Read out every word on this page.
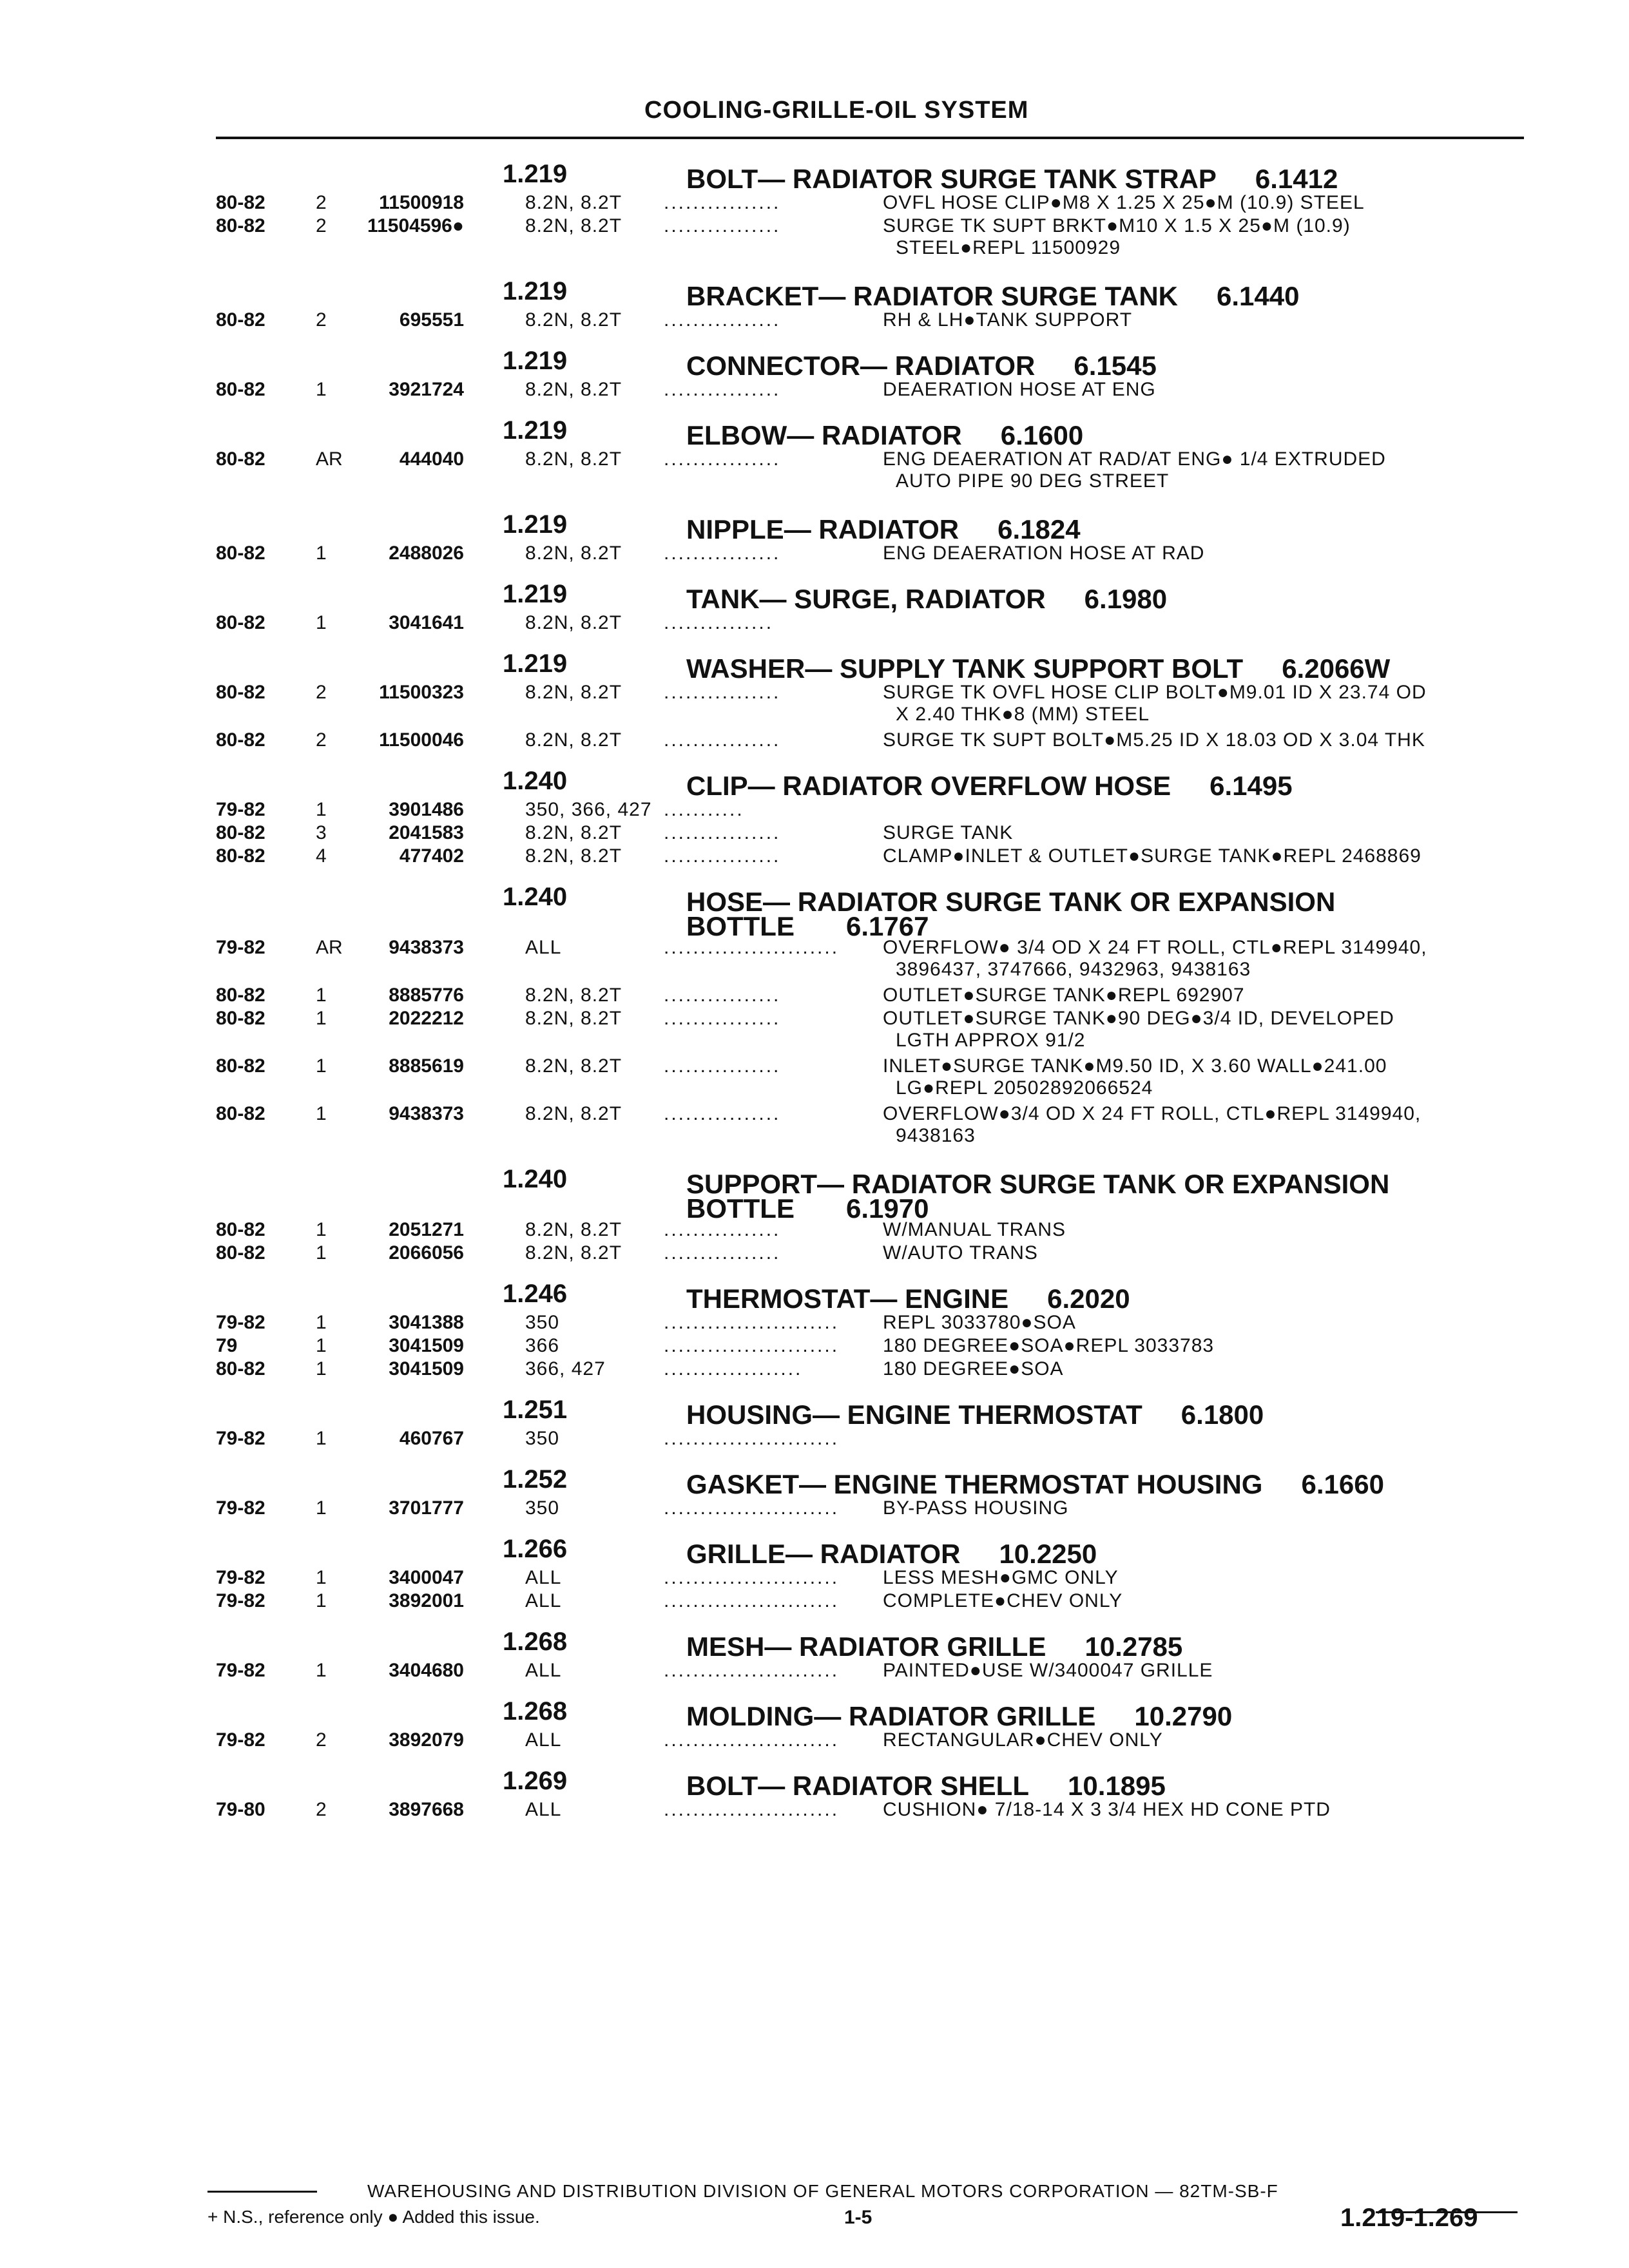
COOLING-GRILLE-OIL SYSTEM
1.219	BOLT— RADIATOR SURGE TANK STRAP 6.1412
80-82	2	11500918	8.2N, 8.2T ................	OVFL HOSE CLIP●M8 X 1.25 X 25●M (10.9) STEEL
80-82	2	11504596●	8.2N, 8.2T ................	SURGE TK SUPT BRKT●M10 X 1.5 X 25●M (10.9)
STEEL●REPL 11500929
1.219	BRACKET— RADIATOR SURGE TANK 6.1440
80-82	2	695551	8.2N, 8.2T ................	RH & LH●TANK SUPPORT
1.219	CONNECTOR— RADIATOR 6.1545
80-82	1	3921724	8.2N, 8.2T ................	DEAERATION HOSE AT ENG
1.219	ELBOW— RADIATOR 6.1600
80-82	AR	444040	8.2N, 8.2T ................	ENG DEAERATION AT RAD/AT ENG● 1/4 EXTRUDED
AUTO PIPE 90 DEG STREET
1.219	NIPPLE— RADIATOR 6.1824
80-82	1	2488026	8.2N, 8.2T ................	ENG DEAERATION HOSE AT RAD
1.219	TANK— SURGE, RADIATOR 6.1980
80-82	1	3041641	8.2N, 8.2T ...............
1.219	WASHER— SUPPLY TANK SUPPORT BOLT 6.2066W
80-82	2	11500323	8.2N, 8.2T ................	SURGE TK OVFL HOSE CLIP BOLT●M9.01 ID X 23.74 OD
X 2.40 THK●8 (MM) STEEL
80-82	2	11500046	8.2N, 8.2T ................	SURGE TK SUPT BOLT●M5.25 ID X 18.03 OD X 3.04 THK
1.240	CLIP— RADIATOR OVERFLOW HOSE 6.1495
79-82	1	3901486	350, 366, 427 ...........
80-82	3	2041583	8.2N, 8.2T ................	SURGE TANK
80-82	4	477402	8.2N, 8.2T ................	CLAMP●INLET & OUTLET●SURGE TANK●REPL 2468869
1.240	HOSE— RADIATOR SURGE TANK OR EXPANSION
BOTTLE 6.1767
79-82	AR	9438373	ALL	........................ OVERFLOW● 3/4 OD X 24 FT ROLL, CTL●REPL 3149940,
3896437, 3747666, 9432963, 9438163
80-82	1	8885776	8.2N, 8.2T ................	OUTLET●SURGE TANK●REPL 692907
80-82	1	2022212	8.2N, 8.2T ................	OUTLET●SURGE TANK●90 DEG●3/4 ID, DEVELOPED
LGTH APPROX 91/2
80-82	1	8885619	8.2N, 8.2T ................	INLET●SURGE TANK●M9.50 ID, X 3.60 WALL●241.00
LG●REPL 20502892066524
80-82	1	9438373	8.2N, 8.2T ................	OVERFLOW●3/4 OD X 24 FT ROLL, CTL●REPL 3149940,
9438163
1.240	SUPPORT— RADIATOR SURGE TANK OR EXPANSION
BOTTLE 6.1970
80-82	1	2051271	8.2N, 8.2T ................	W/MANUAL TRANS
80-82	1	2066056	8.2N, 8.2T ................	W/AUTO TRANS
1.246	THERMOSTAT— ENGINE 6.2020
79-82	1	3041388	350	........................ REPL 3033780●SOA
79	1	3041509	366	........................ 180 DEGREE●SOA●REPL 3033783
80-82	1	3041509	366, 427	...................	180 DEGREE●SOA
1.251	HOUSING— ENGINE THERMOSTAT 6.1800
79-82	1	460767	350	........................
1.252	GASKET— ENGINE THERMOSTAT HOUSING 6.1660
79-82	1	3701777	350	........................ BY-PASS HOUSING
1.266	GRILLE— RADIATOR 10.2250
79-82	1	3400047	ALL	........................ LESS MESH●GMC ONLY
79-82	1	3892001	ALL	........................ COMPLETE●CHEV ONLY
1.268	MESH— RADIATOR GRILLE 10.2785
79-82	1	3404680	ALL	........................ PAINTED●USE W/3400047 GRILLE
1.268	MOLDING— RADIATOR GRILLE 10.2790
79-82	2	3892079	ALL	........................ RECTANGULAR●CHEV ONLY
1.269	BOLT— RADIATOR SHELL 10.1895
79-80	2	3897668	ALL	........................ CUSHION● 7/18-14 X 3 3/4 HEX HD CONE PTD
WAREHOUSING AND DISTRIBUTION DIVISION OF GENERAL MOTORS CORPORATION — 82TM-SB-F
+ N.S., reference only ● Added this issue.	1-5	1.219-1.269
